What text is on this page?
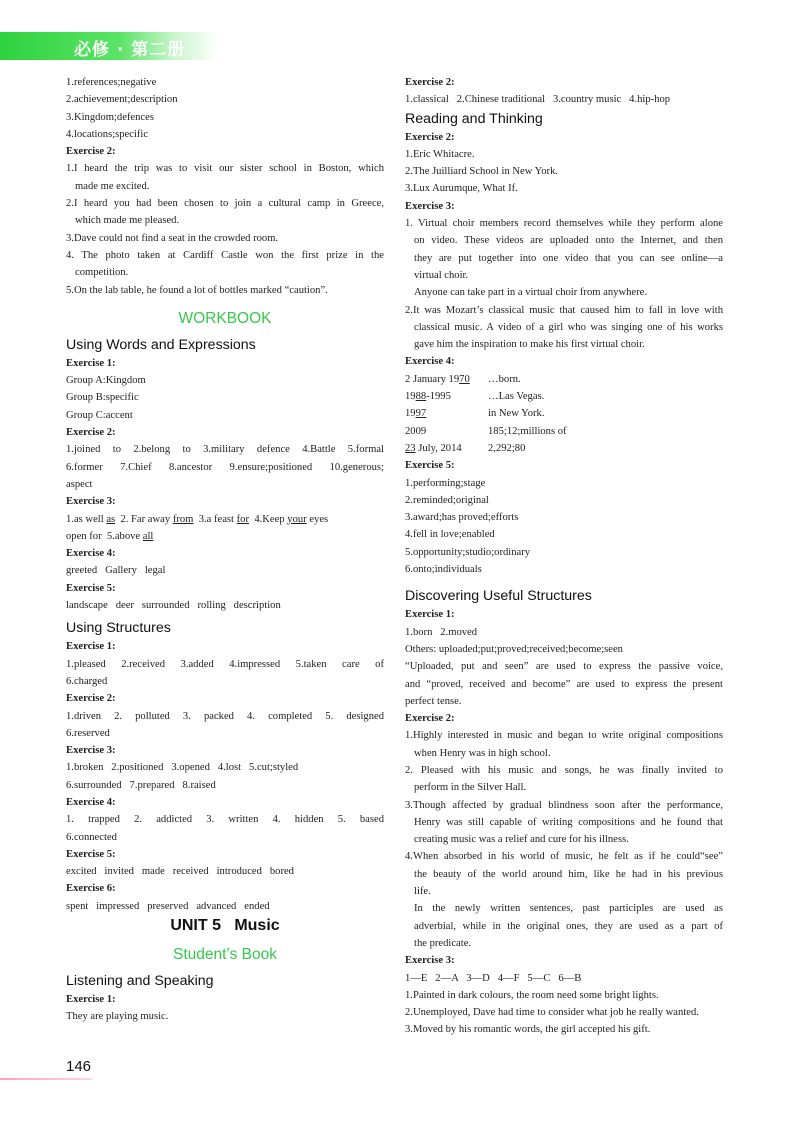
必修 · 第二册
1.references;negative
2.achievement;description
3.Kingdom;defences
4.locations;specific
Exercise 2:
1.I heard the trip was to visit our sister school in Boston, which
made me excited.
2.I heard you had been chosen to join a cultural camp in Greece,
which made me pleased.
3.Dave could not find a seat in the crowded room.
4. The photo taken at Cardiff Castle won the first prize in the
competition.
5.On the lab table, he found a lot of bottles marked “caution”.
WORKBOOK
Using Words and Expressions
Exercise 1:
Group A:Kingdom
Group B:specific
Group C:accent
Exercise 2:
1.joined to 2.belong to 3.military defence 4.Battle 5.formal
6.former 7.Chief 8.ancestor 9.ensure;positioned 10.generous;
aspect
Exercise 3:
1.as well as  2. Far away from  3.a feast for  4.Keep your eyes
open for  5.above all
Exercise 4:
greeted   Gallery   legal
Exercise 5:
landscape   deer   surrounded   rolling   description
Using Structures
Exercise 1:
1.pleased 2.received 3.added 4.impressed 5.taken care of
6.charged
Exercise 2:
1.driven 2. polluted 3. packed 4. completed 5. designed
6.reserved
Exercise 3:
1.broken   2.positioned   3.opened   4.lost   5.cut;styled
6.surrounded   7.prepared   8.raised
Exercise 4:
1. trapped 2. addicted 3. written 4. hidden 5. based
6.connected
Exercise 5:
excited   invited   made   received   introduced   bored
Exercise 6:
spent   impressed   preserved   advanced   ended
UNIT 5   Music
Student’s Book
Listening and Speaking
Exercise 1:
They are playing music.
Exercise 2:
1.classical   2.Chinese traditional   3.country music   4.hip-hop
Reading and Thinking
Exercise 2:
1.Eric Whitacre.
2.The Juilliard School in New York.
3.Lux Aurumque, What If.
Exercise 3:
1. Virtual choir members record themselves while they perform alone
on video. These videos are uploaded onto the Internet, and then
they are put together into one video that you can see online—a
virtual choir.
Anyone can take part in a virtual choir from anywhere.
2.It was Mozart’s classical music that caused him to fall in love with
classical music. A video of a girl who was singing one of his works
gave him the inspiration to make his first virtual choir.
Exercise 4:
2 January 1970 …born.
1988-1995	…Las Vegas.
1997	in New York.
2009	185;12;millions of
23 July, 2014 2,292;80
Exercise 5:
1.performing;stage
2.reminded;original
3.award;has proved;efforts
4.fell in love;enabled
5.opportunity;studio;ordinary
6.onto;individuals
Discovering Useful Structures
Exercise 1:
1.born   2.moved
Others: uploaded;put;proved;received;become;seen
“Uploaded, put and seen” are used to express the passive voice,
and “proved, received and become” are used to express the present
perfect tense.
Exercise 2:
1.Highly interested in music and began to write original compositions
when Henry was in high school.
2. Pleased with his music and songs, he was finally invited to
perform in the Silver Hall.
3.Though affected by gradual blindness soon after the performance,
Henry was still capable of writing compositions and he found that
creating music was a relief and cure for his illness.
4.When absorbed in his world of music, he felt as if he could“see”
the beauty of the world around him, like he had in his previous
life.
In the newly written sentences, past participles are used as
adverbial, while in the original ones, they are used as a part of
the predicate.
Exercise 3:
1—E   2—A   3—D   4—F   5—C   6—B
1.Painted in dark colours, the room need some bright lights.
2.Unemployed, Dave had time to consider what job he really wanted.
3.Moved by his romantic words, the girl accepted his gift.
146
